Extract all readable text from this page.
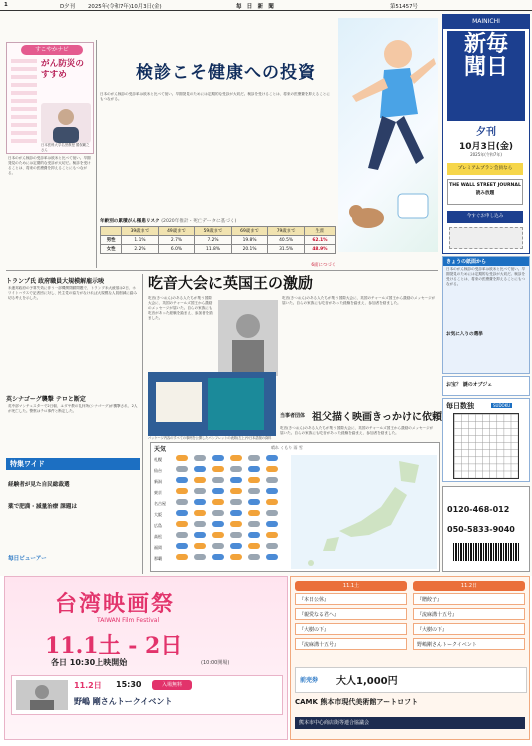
1	D夕刊 2025年(令和7年)10月3日(金)	毎　日　新　聞	第51457号
MAINICHI
新毎聞日
夕刊
10月3日(金)
2025年(令和7年)
プレミアムプラン会員なら
THE WALL STREET JOURNAL 読み放題
今すぐお申し込み
すこやかナビ
がん防災のすすめ
日本医科大学名誉教授 勝俣範之さん
検診こそ健康への投資
日本のがん検診の受診率は欧米と比べて低い。早期発見のためには定期的な受診が大切だ。検診を受けることは、将来の医療費を抑えることにもつながる。
日本のがん検診の受診率は欧米と比べて低い。早期発見のためには定期的な受診が大切だ。検診を受けることは、将来の医療費を抑えることにもつながる。
年齢別の累積がん罹患リスク (2020年推計・死亡データに基づく)
	39歳まで	49歳まで	59歳まで	69歳まで	79歳まで	生涯
男性	1.1%	2.7%	7.2%	19.8%	40.5%	62.1%
女性	2.2%	6.0%	11.8%	20.1%	31.5%	48.9%
6面につづく
トランプ氏 政府職員大規模解雇示唆
米連邦政府の予算失効に伴う一部機関閉鎖問題で、トランプ米大統領は2日、ホワイトハウスで記者団に対し、民主党の協力がなければ大規模な人員削減に踏み切る考えを示した。
英シナゴーグ襲撃 テロと断定
英中部マンチェスターで2日朝、ユダヤ教の礼拝所(シナゴーグ)が襲撃され、2人が死亡した。警察はテロ事件と断定した。
吃音大会に英国王の激励
吃音(きつおん)のある人たちが集う国際大会に、英国のチャールズ国王から激励のメッセージが届いた。自らの家族にも吃音があった経験を踏まえ、参加者を励ました。
吃音(きつおん)のある人たちが集う国際大会に、英国のチャールズ国王から激励のメッセージが届いた。自らの家族にも吃音があった経験を踏まえ、参加者を励ました。
当事者団体 祖父描く映画きっかけに依頼
パッケージ内容のすべての事例を公開したパンフレットの表紙(左上)や日本語版の資料
吃音(きつおん)のある人たちが集う国際大会に、英国のチャールズ国王から激励のメッセージが届いた。自らの家族にも吃音があった経験を踏まえ、参加者を励ました。
きょうの紙面から
日本のがん検診の受診率は欧米と比べて低い。早期発見のためには定期的な受診が大切だ。検診を受けることは、将来の医療費を抑えることにもつながる。
お気に入りの選挙
お宝？ 謎のオブジェ
毎日数独	SUDOKU
天気	晴れ くもり 雨 雪
札幌
仙台
新潟
東京
名古屋
大阪
広島
高松
福岡
那覇
特集ワイド
経験者が見た自民総裁選
薬で肥満・減量治療 課題は
毎日ビューアー
0120-468-012
050-5833-9040
台湾映画祭
TAIWAN Film Festival
11.1土 - 2日
各日 10:30上映開始	(10:00開場)
11.2日 15:30	入場無料
野嶋 剛さんトークイベント
11.1土	11.2日
『本日公休』
『親愛なる君へ』
『大樹の下』
『流麻溝十五号』
『贈餃子』
『流麻溝十五号』
『大樹の下』
野嶋剛さんトークイベント
前売券 大人1,000円
CAMK 熊本市現代美術館アートロフト
熊本市中心商店街等連合協議会
